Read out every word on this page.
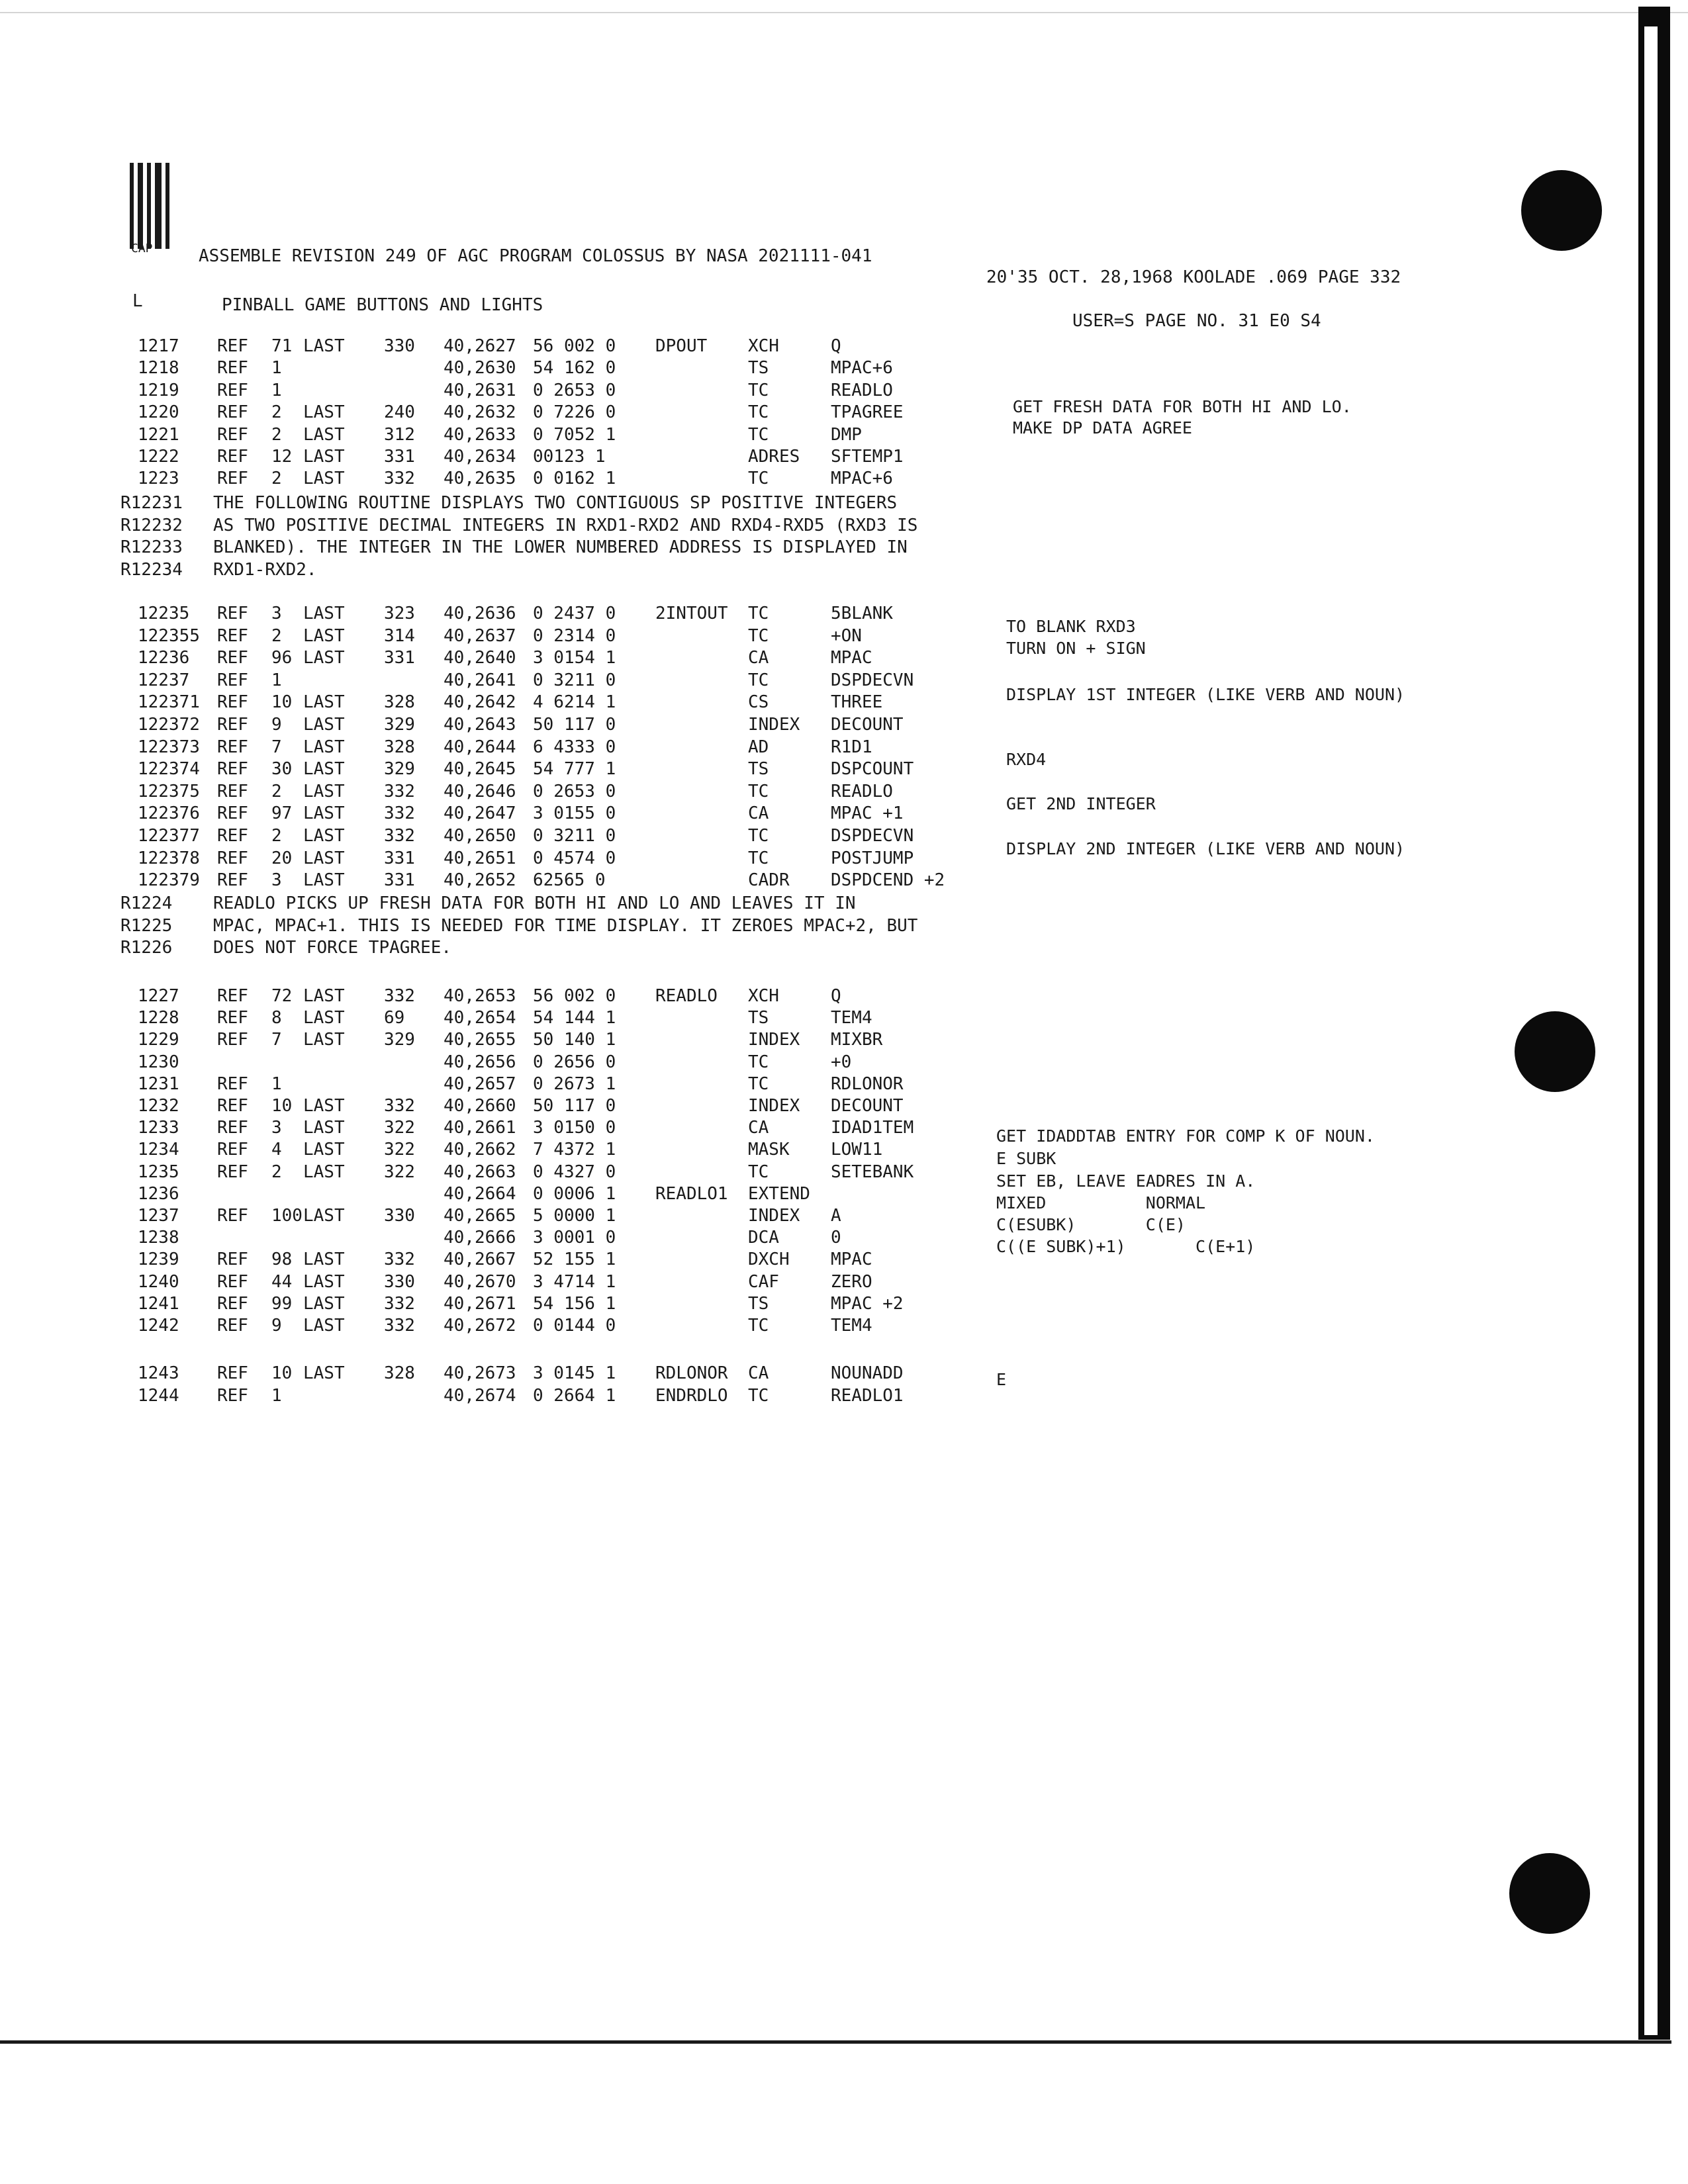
CAP	ASSEMBLE REVISION 249 OF AGC PROGRAM COLOSSUS BY NASA 2021111-041
20'35 OCT. 28,1968 KOOLADE .069 PAGE 332
L	PINBALL GAME BUTTONS AND LIGHTS
USER=S PAGE NO. 31 E0 S4
1217 REF 71 LAST 330 40,2627 56 002 0 DPOUT XCH	Q
1218 REF 1	40,2630 54 162 0	TS	MPAC+6
1219 REF 1	40,2631 0 2653 0	TC	READLO
1220 REF 2 LAST 240 40,2632 0 7226 0	TC	TPAGREE
1221 REF 2 LAST 312 40,2633 0 7052 1	TC	DMP
1222 REF 12 LAST 331 40,2634 00123 1	ADRES SFTEMP1
1223 REF 2 LAST 332 40,2635 0 0162 1	TC	MPAC+6
GET FRESH DATA FOR BOTH HI AND LO.
MAKE DP DATA AGREE
R12231 THE FOLLOWING ROUTINE DISPLAYS TWO CONTIGUOUS SP POSITIVE INTEGERS
R12232 AS TWO POSITIVE DECIMAL INTEGERS IN RXD1-RXD2 AND RXD4-RXD5 (RXD3 IS
R12233 BLANKED). THE INTEGER IN THE LOWER NUMBERED ADDRESS IS DISPLAYED IN
R12234 RXD1-RXD2.
12235 REF 3 LAST 323 40,2636 0 2437 0 2INTOUT TC	5BLANK
122355 REF 2 LAST 314 40,2637 0 2314 0	TC	+ON
12236 REF 96 LAST 331 40,2640 3 0154 1	CA	MPAC
12237 REF 1	40,2641 0 3211 0	TC	DSPDECVN
122371 REF 10 LAST 328 40,2642 4 6214 1	CS	THREE
122372 REF 9 LAST 329 40,2643 50 117 0	INDEX DECOUNT
122373 REF 7 LAST 328 40,2644 6 4333 0	AD	R1D1
122374 REF 30 LAST 329 40,2645 54 777 1	TS	DSPCOUNT
122375 REF 2 LAST 332 40,2646 0 2653 0	TC	READLO
122376 REF 97 LAST 332 40,2647 3 0155 0	CA	MPAC +1
122377 REF 2 LAST 332 40,2650 0 3211 0	TC	DSPDECVN
122378 REF 20 LAST 331 40,2651 0 4574 0	TC	POSTJUMP
122379 REF 3 LAST 331 40,2652 62565 0	CADR DSPDCEND +2
TO BLANK RXD3
TURN ON + SIGN
DISPLAY 1ST INTEGER (LIKE VERB AND NOUN)
RXD4
GET 2ND INTEGER
DISPLAY 2ND INTEGER (LIKE VERB AND NOUN)
R1224 READLO PICKS UP FRESH DATA FOR BOTH HI AND LO AND LEAVES IT IN
R1225 MPAC, MPAC+1. THIS IS NEEDED FOR TIME DISPLAY. IT ZEROES MPAC+2, BUT
R1226 DOES NOT FORCE TPAGREE.
1227 REF 72 LAST 332 40,2653 56 002 0 READLO XCH	Q
1228 REF 8 LAST 69 40,2654 54 144 1	TS	TEM4
1229 REF 7 LAST 329 40,2655 50 140 1	INDEX MIXBR
1230	40,2656 0 2656 0	TC	+0
1231 REF 1	40,2657 0 2673 1	TC	RDLONOR
1232 REF 10 LAST 332 40,2660 50 117 0	INDEX DECOUNT
1233 REF 3 LAST 322 40,2661 3 0150 0	CA	IDAD1TEM
1234 REF 4 LAST 322 40,2662 7 4372 1	MASK LOW11
1235 REF 2 LAST 322 40,2663 0 4327 0	TC	SETEBANK
1236	40,2664 0 0006 1 READLO1 EXTEND
1237 REF 100 LAST 330 40,2665 5 0000 1	INDEX A
1238	40,2666 3 0001 0	DCA	0
1239 REF 98 LAST 332 40,2667 52 155 1	DXCH MPAC
1240 REF 44 LAST 330 40,2670 3 4714 1	CAF	ZERO
1241 REF 99 LAST 332 40,2671 54 156 1	TS	MPAC +2
1242 REF 9 LAST 332 40,2672 0 0144 0	TC	TEM4
GET IDADDTAB ENTRY FOR COMP K OF NOUN.
E SUBK
SET EB, LEAVE EADRES IN A.
MIXED          NORMAL
C(ESUBK)       C(E)
C((E SUBK)+1)       C(E+1)
1243 REF 10 LAST 328 40,2673 3 0145 1 RDLONOR CA	NOUNADD
1244 REF 1	40,2674 0 2664 1 ENDRDLO TC	READLO1
E
